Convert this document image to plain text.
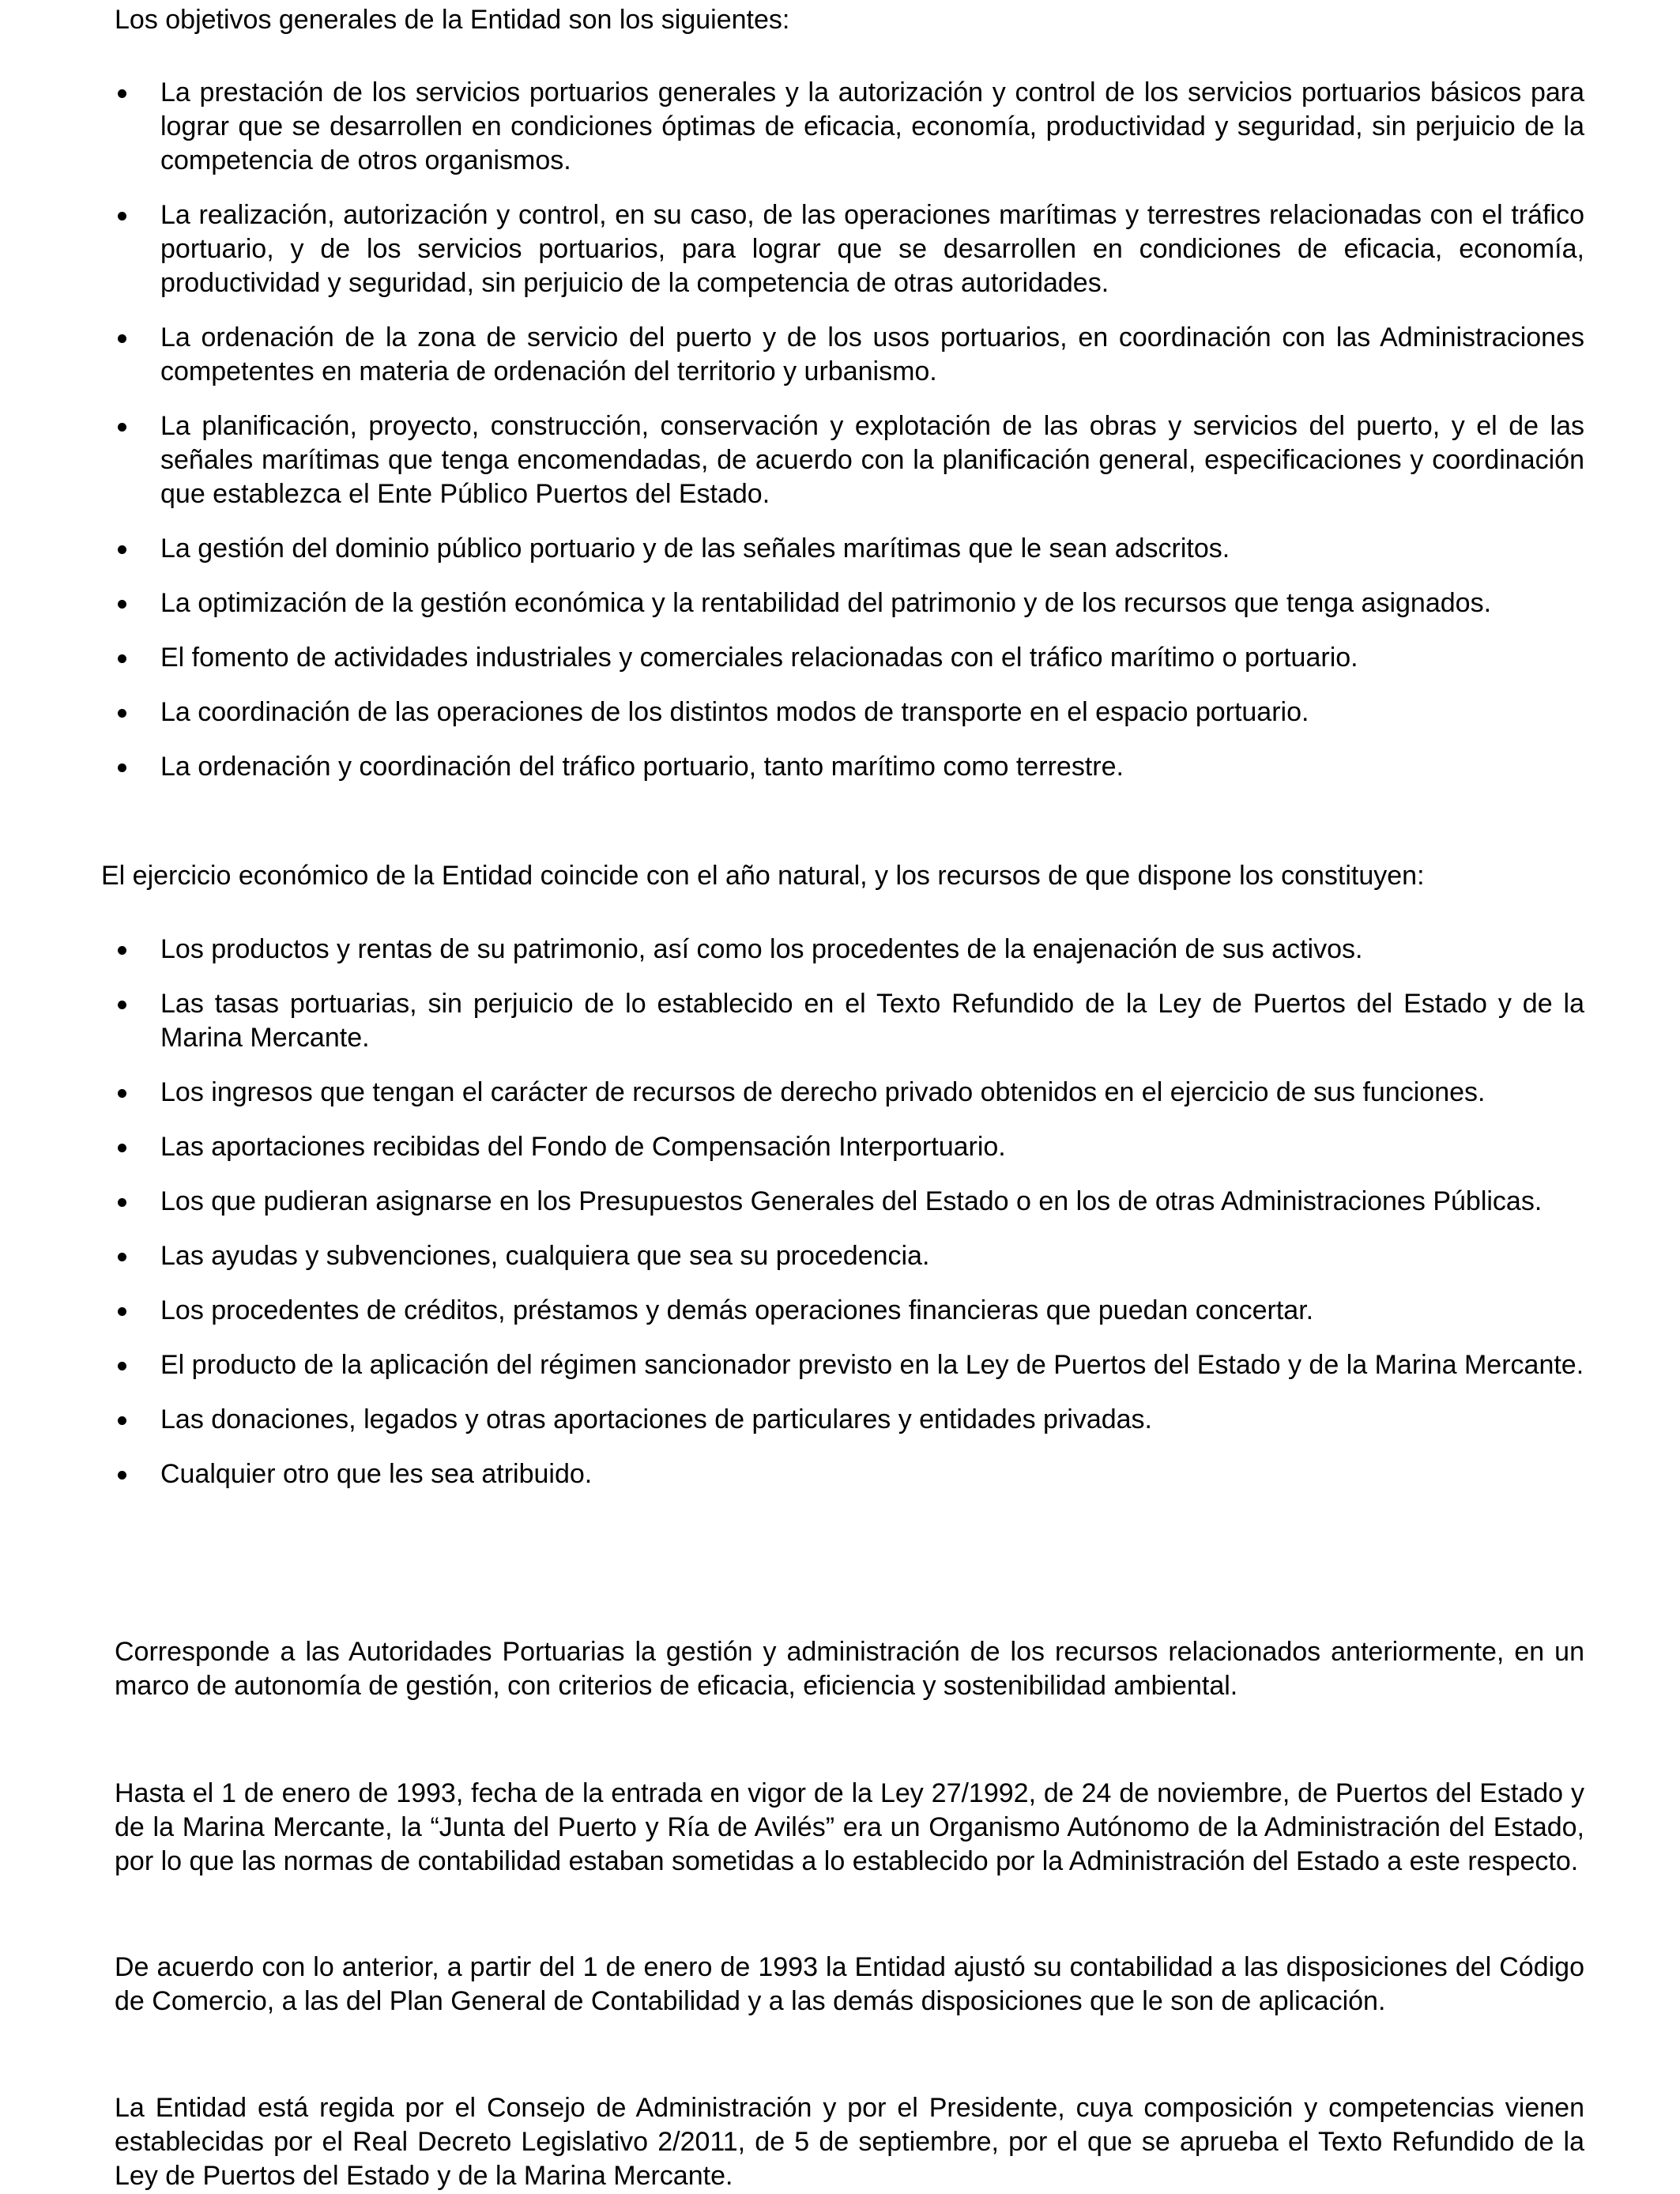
Los objetivos generales de la Entidad son los siguientes:

La prestación de los servicios portuarios generales y la autorización y control de los servicios portuarios básicos para lograr que se desarrollen en condiciones óptimas de eficacia, economía, productividad y seguridad, sin perjuicio de la competencia de otros organismos.
La realización, autorización y control, en su caso, de las operaciones marítimas y terrestres relacionadas con el tráfico portuario, y de los servicios portuarios, para lograr que se desarrollen en condiciones de eficacia, economía, productividad y seguridad, sin perjuicio de la competencia de otras autoridades.
La ordenación de la zona de servicio del puerto y de los usos portuarios, en coordinación con las Administraciones competentes en materia de ordenación del territorio y urbanismo.
La planificación, proyecto, construcción, conservación y explotación de las obras y servicios del puerto, y el de las señales marítimas que tenga encomendadas, de acuerdo con la planificación general, especificaciones y coordinación que establezca el Ente Público Puertos del Estado.
La gestión del dominio público portuario y de las señales marítimas que le sean adscritos.
La optimización de la gestión económica y la rentabilidad del patrimonio y de los recursos que tenga asignados.
El fomento de actividades industriales y comerciales relacionadas con el tráfico marítimo o portuario.
La coordinación de las operaciones de los distintos modos de transporte en el espacio portuario.
La ordenación y coordinación del tráfico portuario, tanto marítimo como terrestre.

El ejercicio económico de la Entidad coincide con el año natural, y los recursos de que dispone los constituyen:

Los productos y rentas de su patrimonio, así como los procedentes de la enajenación de sus activos.
Las tasas portuarias, sin perjuicio de lo establecido en el Texto Refundido de la Ley de Puertos del Estado y de la Marina Mercante.
Los ingresos que tengan el carácter de recursos de derecho privado obtenidos en el ejercicio de sus funciones.
Las aportaciones recibidas del Fondo de Compensación Interportuario.
Los que pudieran asignarse en los Presupuestos Generales del Estado o en los de otras Administraciones Públicas.
Las ayudas y subvenciones, cualquiera que sea su procedencia.
Los procedentes de créditos, préstamos y demás operaciones financieras que puedan concertar.
El producto de la aplicación del régimen sancionador previsto en la Ley de Puertos del Estado y de la Marina Mercante.
Las donaciones, legados y otras aportaciones de particulares y entidades privadas.
Cualquier otro que les sea atribuido.

Corresponde a las Autoridades Portuarias la gestión y administración de los recursos relacionados anteriormente, en un marco de autonomía de gestión, con criterios de eficacia, eficiencia y sostenibilidad ambiental.

Hasta el 1 de enero de 1993, fecha de la entrada en vigor de la Ley 27/1992, de 24 de noviembre, de Puertos del Estado y de la Marina Mercante, la “Junta del Puerto y Ría de Avilés” era un Organismo Autónomo de la Administración del Estado, por lo que las normas de contabilidad estaban sometidas a lo establecido por la Administración del Estado a este respecto.

De acuerdo con lo anterior, a partir del 1 de enero de 1993 la Entidad ajustó su contabilidad a las disposiciones del Código de Comercio, a las del Plan General de Contabilidad y a las demás disposiciones que le son de aplicación.

La Entidad está regida por el Consejo de Administración y por el Presidente, cuya composición y competencias vienen establecidas por el Real Decreto Legislativo 2/2011, de 5 de septiembre, por el que se aprueba el Texto Refundido de la Ley de Puertos del Estado y de la Marina Mercante.
